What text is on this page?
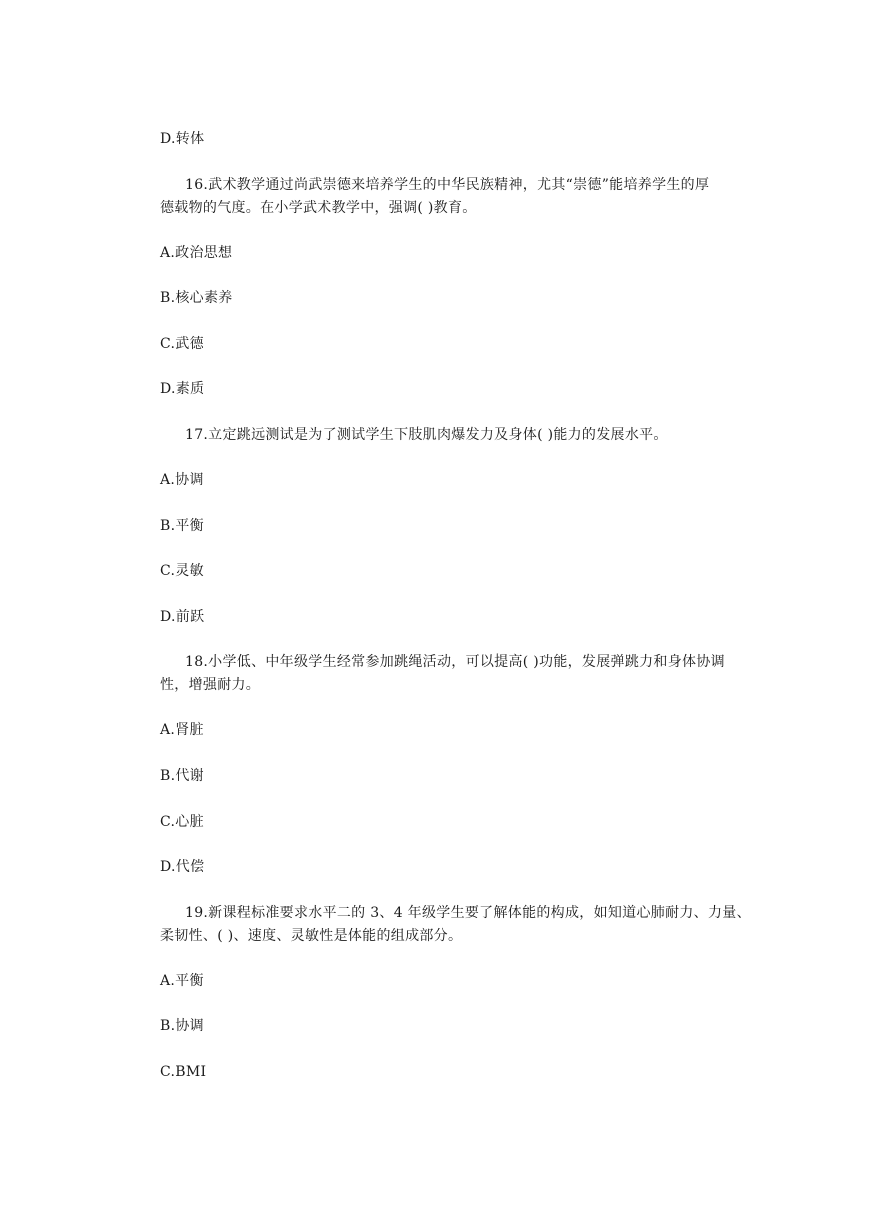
D.转体
16.武术教学通过尚武崇德来培养学生的中华民族精神，尤其“崇德”能培养学生的厚
德载物的气度。在小学武术教学中，强调( )教育。
A.政治思想
B.核心素养
C.武德
D.素质
17.立定跳远测试是为了测试学生下肢肌肉爆发力及身体( )能力的发展水平。
A.协调
B.平衡
C.灵敏
D.前跃
18.小学低、中年级学生经常参加跳绳活动，可以提高( )功能，发展弹跳力和身体协调
性，增强耐力。
A.肾脏
B.代谢
C.心脏
D.代偿
19.新课程标准要求水平二的 3、4 年级学生要了解体能的构成，如知道心肺耐力、力量、
柔韧性、( )、速度、灵敏性是体能的组成部分。
A.平衡
B.协调
C.BMI
